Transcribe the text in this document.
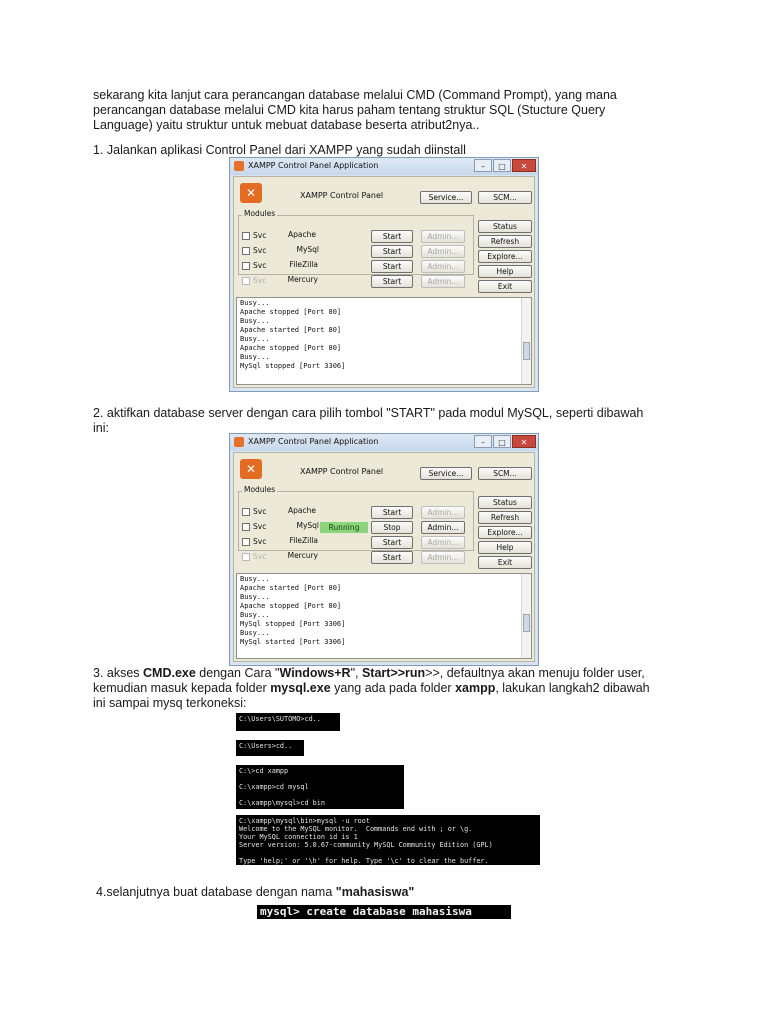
sekarang kita lanjut cara perancangan database melalui CMD (Command Prompt), yang mana
perancangan database melalui CMD kita harus paham tentang struktur SQL (Stucture Query
Language) yaitu struktur untuk mebuat database beserta atribut2nya..

1. Jalankan aplikasi Control Panel dari XAMPP yang sudah diinstall

XAMPP Control Panel Application	–	□	✕
✕	XAMPP Control Panel	Service...	SCM...
Modules
Svc	Apache	Start	Admin...
Svc	MySql	Start	Admin...
Svc	FileZilla	Start	Admin...
Svc	Mercury	Start	Admin...
Status
Refresh
Explore...
Help
Exit
Busy...
Apache stopped [Port 80]
Busy...
Apache started [Port 80]
Busy...
Apache stopped [Port 80]
Busy...
MySql stopped [Port 3306]

2. aktifkan database server dengan cara pilih tombol "START" pada modul MySQL, seperti dibawah
ini:

XAMPP Control Panel Application	–	□	✕
✕	XAMPP Control Panel	Service...	SCM...
Modules
Svc	Apache	Start	Admin...
Svc	MySql	Running	Stop	Admin...
Svc	FileZilla	Start	Admin...
Svc	Mercury	Start	Admin...
Status
Refresh
Explore...
Help
Exit
Busy...
Apache started [Port 80]
Busy...
Apache stopped [Port 80]
Busy...
MySql stopped [Port 3306]
Busy...
MySql started [Port 3306]

3. akses CMD.exe dengan Cara "Windows+R", Start>>run>>, defaultnya akan menuju folder user,
kemudian masuk kepada folder mysql.exe yang ada pada folder xampp, lakukan langkah2 dibawah
ini sampai mysq terkoneksi:

C:\Users\SUTOMO>cd..
C:\Users>cd..
C:\>cd xampp

C:\xampp>cd mysql

C:\xampp\mysql>cd bin
C:\xampp\mysql\bin>mysql -u root
Welcome to the MySQL monitor.  Commands end with ; or \g.
Your MySQL connection id is 1
Server version: 5.0.67-community MySQL Community Edition (GPL)

Type 'help;' or '\h' for help. Type '\c' to clear the buffer.

4.selanjutnya buat database dengan nama "mahasiswa"

mysql> create database mahasiswa
